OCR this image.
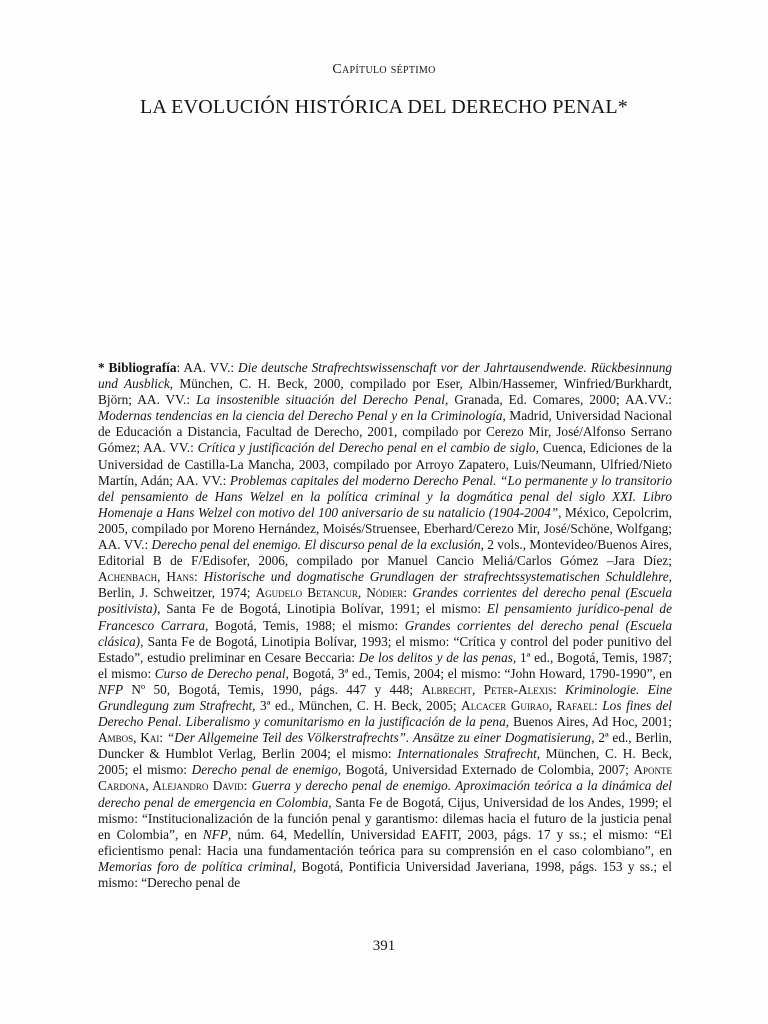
Capítulo séptimo
LA EVOLUCIÓN HISTÓRICA DEL DERECHO PENAL*
* Bibliografía: AA. VV.: Die deutsche Strafrechtswissenschaft vor der Jahrtausendwende. Rückbesinnung und Ausblick, München, C. H. Beck, 2000, compilado por Eser, Albin/Hassemer, Winfried/Burkhardt, Björn; AA. VV.: La insostenible situación del Derecho Penal, Granada, Ed. Comares, 2000; AA.VV.: Modernas tendencias en la ciencia del Derecho Penal y en la Criminología, Madrid, Universidad Nacional de Educación a Distancia, Facultad de Derecho, 2001, compilado por Cerezo Mir, José/Alfonso Serrano Gómez; AA. VV.: Crítica y justificación del Derecho penal en el cambio de siglo, Cuenca, Ediciones de la Universidad de Castilla-La Mancha, 2003, compilado por Arroyo Zapatero, Luis/Neumann, Ulfried/Nieto Martín, Adán; AA. VV.: Problemas capitales del moderno Derecho Penal. “Lo permanente y lo transitorio del pensamiento de Hans Welzel en la política criminal y la dogmática penal del siglo XXI. Libro Homenaje a Hans Welzel con motivo del 100 aniversario de su natalicio (1904-2004”, México, Cepolcrim, 2005, compilado por Moreno Hernández, Moisés/Struensee, Eberhard/Cerezo Mir, José/Schöne, Wolfgang; AA. VV.: Derecho penal del enemigo. El discurso penal de la exclusión, 2 vols., Montevideo/Buenos Aires, Editorial B de F/Edisofer, 2006, compilado por Manuel Cancio Meliá/Carlos Gómez –Jara Díez; Achenbach, Hans: Historische und dogmatische Grundlagen der strafrechtssystematischen Schuldlehre, Berlin, J. Schweitzer, 1974; Agudelo Betancur, Nódier: Grandes corrientes del derecho penal (Escuela positivista), Santa Fe de Bogotá, Linotipia Bolívar, 1991; el mismo: El pensamiento jurídico-penal de Francesco Carrara, Bogotá, Temis, 1988; el mismo: Grandes corrientes del derecho penal (Escuela clásica), Santa Fe de Bogotá, Linotipia Bolívar, 1993; el mismo: “Crítica y control del poder punitivo del Estado”, estudio preliminar en Cesare Beccaria: De los delitos y de las penas, 1ª ed., Bogotá, Temis, 1987; el mismo: Curso de Derecho penal, Bogotá, 3ª ed., Temis, 2004; el mismo: “John Howard, 1790-1990”, en NFP Nº 50, Bogotá, Temis, 1990, págs. 447 y 448; Albrecht, Peter-Alexis: Kriminologie. Eine Grundlegung zum Strafrecht, 3ª ed., München, C. H. Beck, 2005; Alcacer Guirao, Rafael: Los fines del Derecho Penal. Liberalismo y comunitarismo en la justificación de la pena, Buenos Aires, Ad Hoc, 2001; Ambos, Kai: “Der Allgemeine Teil des Völkerstrafrechts”. Ansätze zu einer Dogmatisierung, 2ª ed., Berlin, Duncker & Humblot Verlag, Berlin 2004; el mismo: Internationales Strafrecht, München, C. H. Beck, 2005; el mismo: Derecho penal de enemigo, Bogotá, Universidad Externado de Colombia, 2007; Aponte Cardona, Alejandro David: Guerra y derecho penal de enemigo. Aproximación teórica a la dinámica del derecho penal de emergencia en Colombia, Santa Fe de Bogotá, Cijus, Universidad de los Andes, 1999; el mismo: “Institucionalización de la función penal y garantismo: dilemas hacia el futuro de la justicia penal en Colombia”, en NFP, núm. 64, Medellín, Universidad EAFIT, 2003, págs. 17 y ss.; el mismo: “El eficientismo penal: Hacia una fundamentación teórica para su comprensión en el caso colombiano”, en Memorias foro de política criminal, Bogotá, Pontificia Universidad Javeriana, 1998, págs. 153 y ss.; el mismo: “Derecho penal de
391
